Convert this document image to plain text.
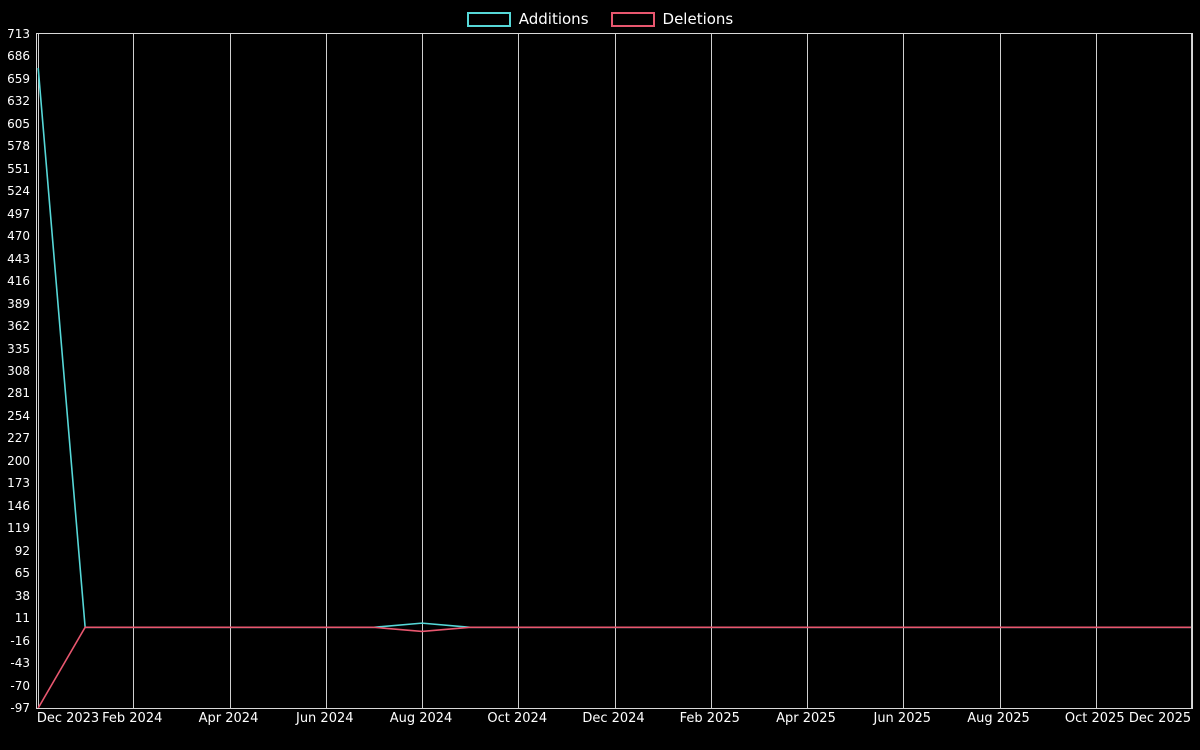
Additions	Deletions
-97
-70
-43
-16
11
38
65
92
119
146
173
200
227
254
281
308
335
362
389
416
443
470
497
524
551
578
605
632
659
686
713
Dec 2023 Feb 2024	Apr 2024	Jun 2024	Aug 2024	Oct 2024	Dec 2024	Feb 2025	Apr 2025	Jun 2025	Aug 2025	Oct 2025 Dec 2025
